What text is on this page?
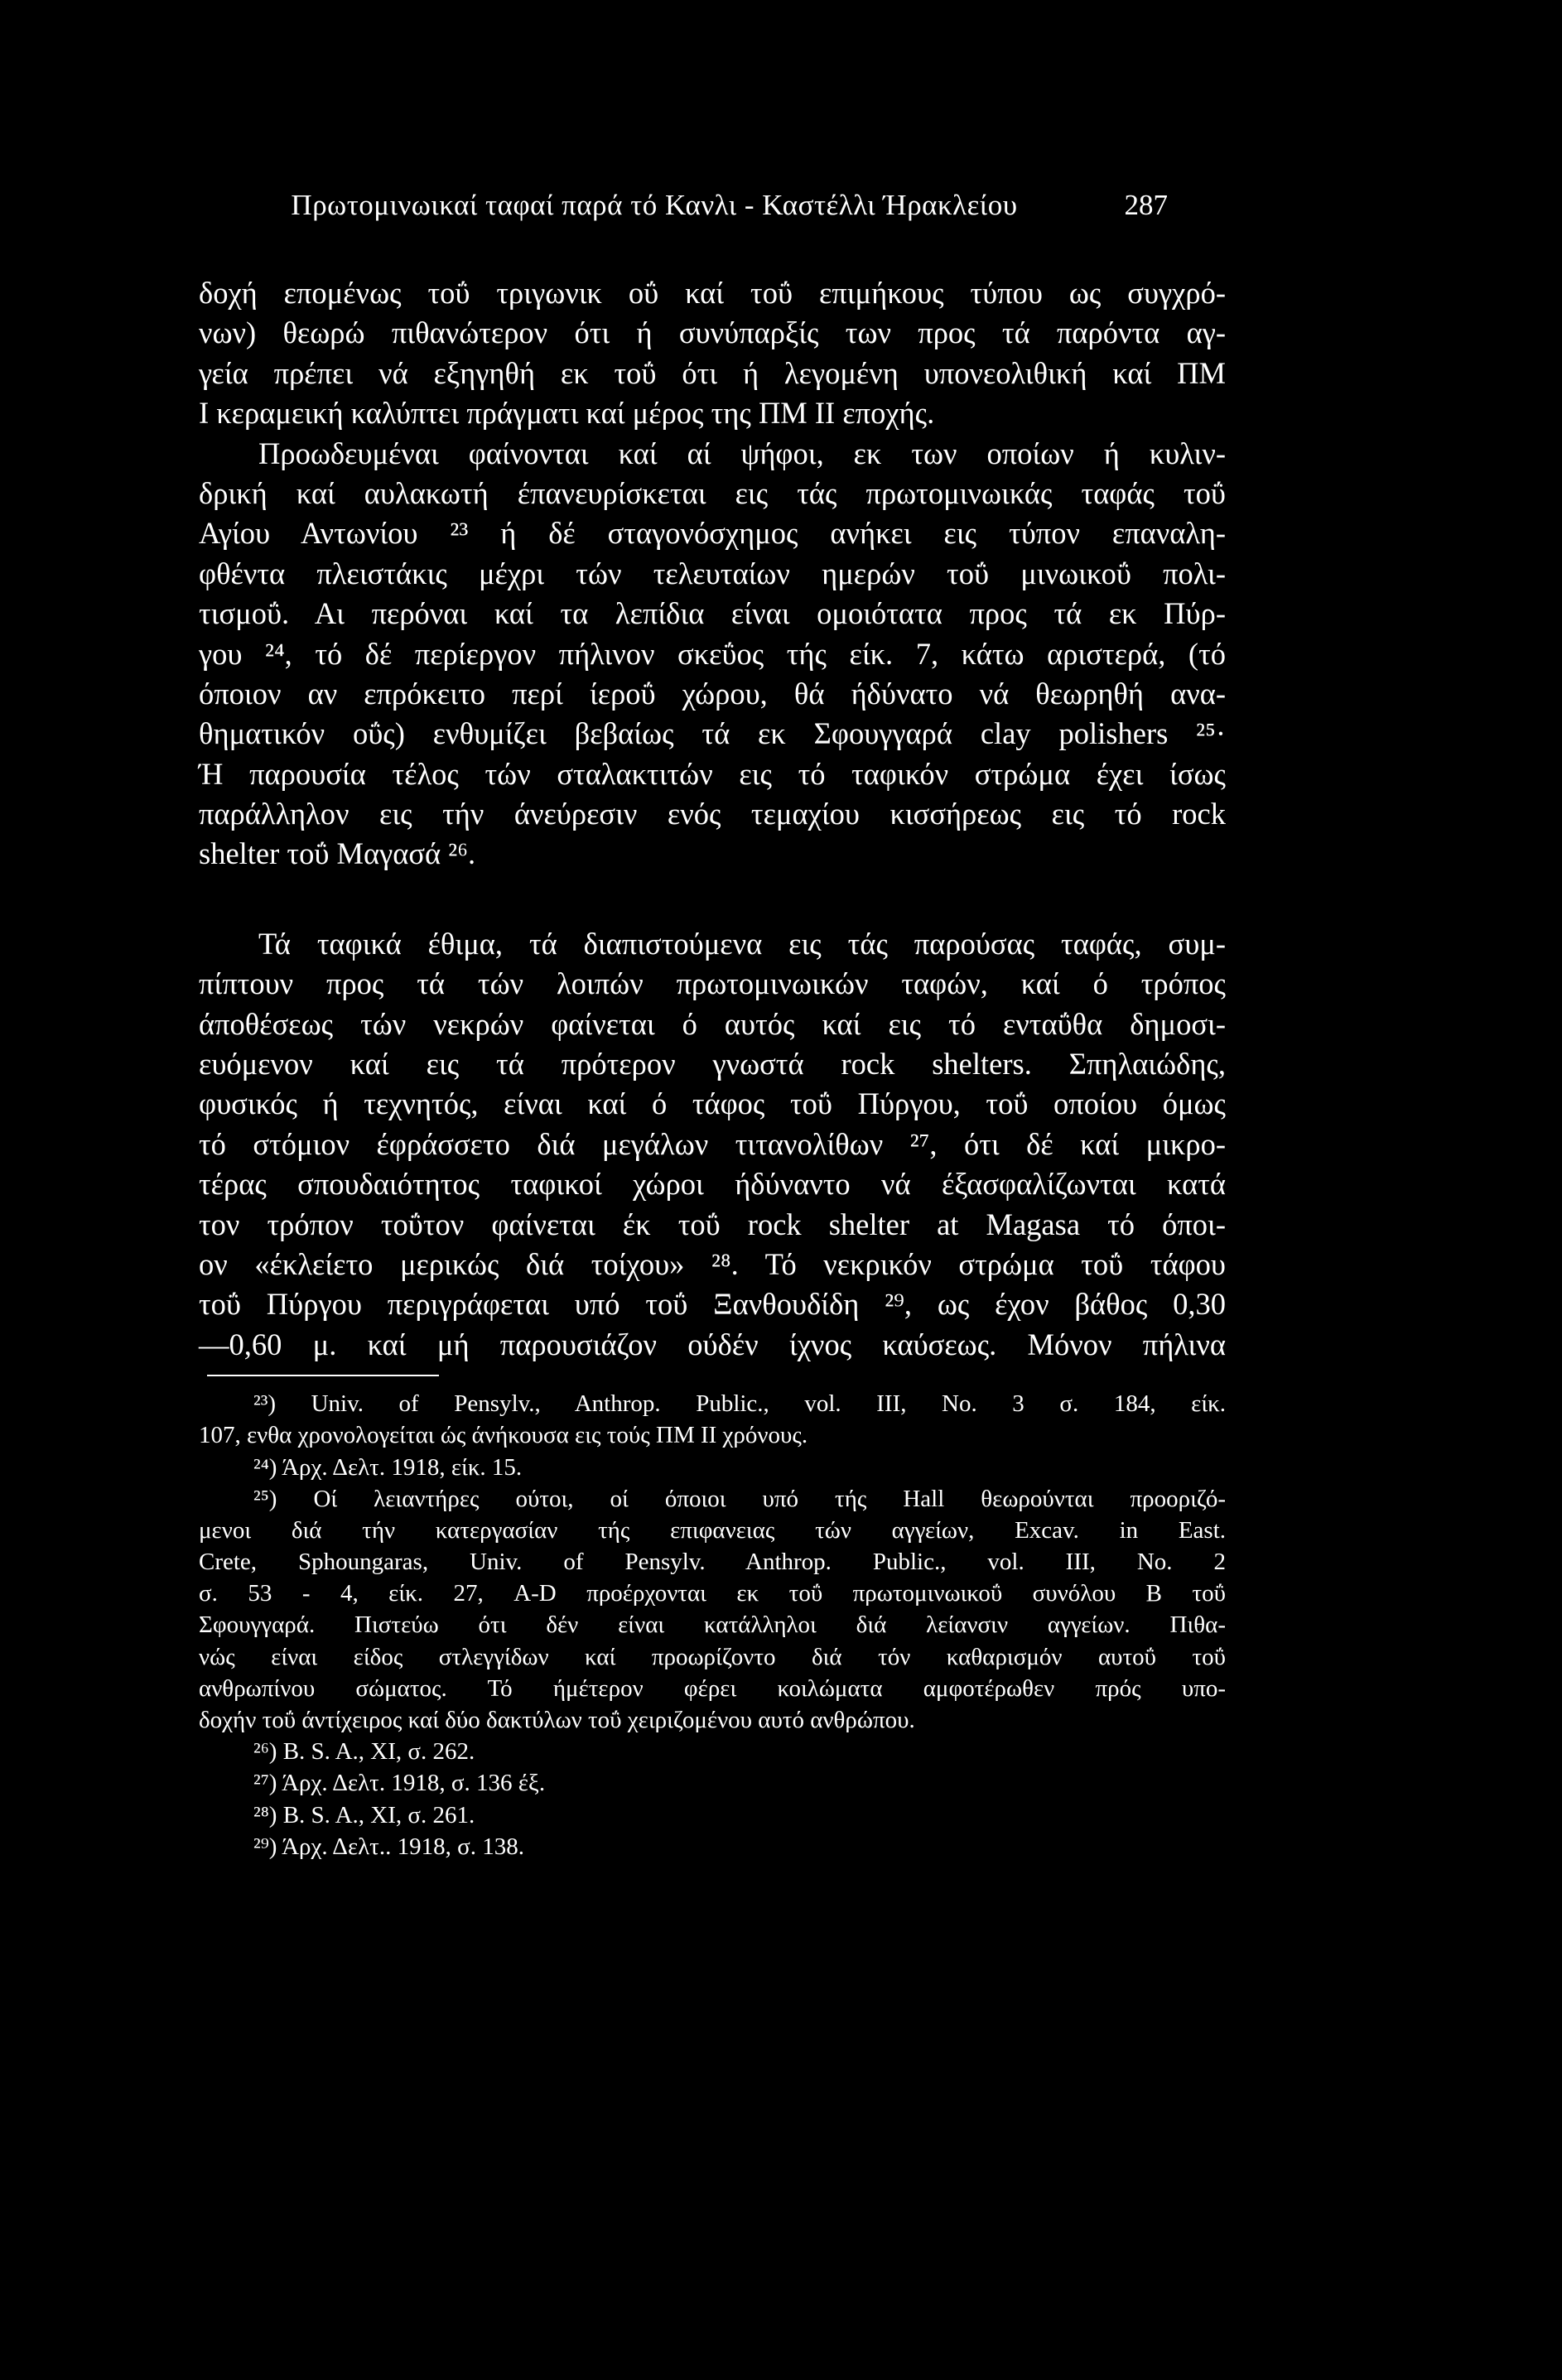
Πρωτομινωικαί ταφαί παρά τό Κανλι - Καστέλλι Ήρακλείου	287
δοχή επομένως τοΰ τριγωνικ οΰ καί τοΰ επιμήκους τύπου ως συγχρό-
νων) θεωρώ πιθανώτερον ότι ή συνύπαρξίς των προς τά παρόντα αγ-
γεία πρέπει νά εξηγηθή εκ τοΰ ότι ή λεγομένη υπονεολιθική καί ΠΜ
Ι κεραμεική καλύπτει πράγματι καί μέρος της ΠΜ II εποχής.
Προωδευμέναι φαίνονται καί αί ψήφοι, εκ των οποίων ή κυλιν-
δρική καί αυλακωτή έπανευρίσκεται εις τάς πρωτομινωικάς ταφάς τοΰ
Αγίου Αντωνίου ²³ ή δέ σταγονόσχημος ανήκει εις τύπον επαναλη-
φθέντα πλειστάκις μέχρι τών τελευταίων ημερών τοΰ μινωικοΰ πολι-
τισμοΰ. Αι περόναι καί τα λεπίδια είναι ομοιότατα προς τά εκ Πύρ-
γου ²⁴, τό δέ περίεργον πήλινον σκεΰος τής είκ. 7, κάτω αριστερά, (τό
όποιον αν επρόκειτο περί ίεροΰ χώρου, θά ήδύνατο νά θεωρηθή ανα-
θηματικόν οΰς) ενθυμίζει βεβαίως τά εκ Σφουγγαρά clay polishers ²⁵·
Ή παρουσία τέλος τών σταλακτιτών εις τό ταφικόν στρώμα έχει ίσως
παράλληλον εις τήν άνεύρεσιν ενός τεμαχίου κισσήρεως εις τό rock
shelter τοΰ Μαγασά ²⁶.
Τά ταφικά έθιμα, τά διαπιστούμενα εις τάς παρούσας ταφάς, συμ-
πίπτουν προς τά τών λοιπών πρωτομινωικών ταφών, καί ό τρόπος
άποθέσεως τών νεκρών φαίνεται ό αυτός καί εις τό ενταΰθα δημοσι-
ευόμενον καί εις τά πρότερον γνωστά rock shelters. Σπηλαιώδης,
φυσικός ή τεχνητός, είναι καί ό τάφος τοΰ Πύργου, τοΰ οποίου όμως
τό στόμιον έφράσσετο διά μεγάλων τιτανολίθων ²⁷, ότι δέ καί μικρο-
τέρας σπουδαιότητος ταφικοί χώροι ήδύναντο νά έξασφαλίζωνται κατά
τον τρόπον τοΰτον φαίνεται έκ τοΰ rock shelter at Magasa τό όποι-
ον «έκλείετο μερικώς διά τοίχου» ²⁸. Τό νεκρικόν στρώμα τοΰ τάφου
τοΰ Πύργου περιγράφεται υπό τοΰ Ξανθουδίδη ²⁹, ως έχον βάθος 0,30
—0,60 μ. καί μή παρουσιάζον ούδέν ίχνος καύσεως. Μόνον πήλινα
²³) Univ. of Pensylv., Anthrop. Public., vol. III, No. 3 σ. 184, είκ.
107, ενθα χρονολογείται ώς άνήκουσα εις τούς ΠΜ II χρόνους.
²⁴) Άρχ. Δελτ. 1918, είκ. 15.
²⁵) Οί λειαντήρες ούτοι, οί όποιοι υπό τής Hall θεωρούνται προοριζό-
μενοι διά τήν κατεργασίαν τής επιφανειας τών αγγείων, Excav. in East.
Crete, Sphoungaras, Univ. of Pensylv. Anthrop. Public., vol. III, No. 2
σ. 53 - 4, είκ. 27, A-D προέρχονται εκ τοΰ πρωτομινωικοΰ συνόλου Β τοΰ
Σφουγγαρά. Πιστεύω ότι δέν είναι κατάλληλοι διά λείανσιν αγγείων. Πιθα-
νώς είναι είδος στλεγγίδων καί προωρίζοντο διά τόν καθαρισμόν αυτοΰ τοΰ
ανθρωπίνου σώματος. Τό ήμέτερον φέρει κοιλώματα αμφοτέρωθεν πρός υπο-
δοχήν τοΰ άντίχειρος καί δύο δακτύλων τοΰ χειριζομένου αυτό ανθρώπου.
²⁶) B. S. A., XI, σ. 262.
²⁷) Άρχ. Δελτ. 1918, σ. 136 έξ.
²⁸) B. S. A., XI, σ. 261.
²⁹) Άρχ. Δελτ.. 1918, σ. 138.
